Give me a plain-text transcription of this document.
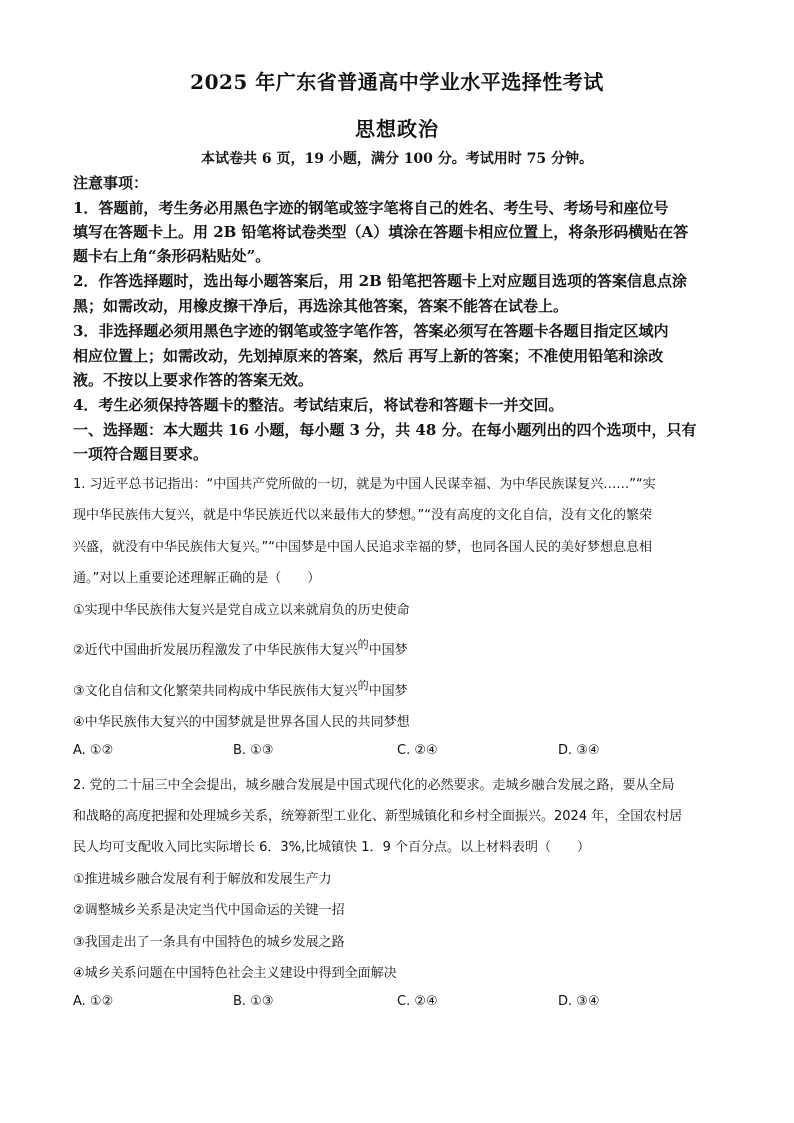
2025 年广东省普通高中学业水平选择性考试
思想政治
本试卷共 6 页，19 小题，满分 100 分。考试用时 75 分钟。
注意事项：
1．答题前，考生务必用黑色字迹的钢笔或签字笔将自己的姓名、考生号、考场号和座位号
填写在答题卡上。用 2B 铅笔将试卷类型（A）填涂在答题卡相应位置上，将条形码横贴在答
题卡右上角“条形码粘贴处”。
2．作答选择题时，选出每小题答案后，用 2B 铅笔把答题卡上对应题目选项的答案信息点涂
黑；如需改动，用橡皮擦干净后，再选涂其他答案，答案不能答在试卷上。
3．非选择题必须用黑色字迹的钢笔或签字笔作答，答案必须写在答题卡各题目指定区域内
相应位置上；如需改动，先划掉原来的答案，然后 再写上新的答案；不准使用铅笔和涂改
液。不按以上要求作答的答案无效。
4．考生必须保持答题卡的整洁。考试结束后，将试卷和答题卡一并交回。
一、选择题：本大题共 16 小题，每小题 3 分，共 48 分。在每小题列出的四个选项中，只有
一项符合题目要求。
1. 习近平总书记指出：“中国共产党所做的一切，就是为中国人民谋幸福、为中华民族谋复兴……”“实
现中华民族伟大复兴，就是中华民族近代以来最伟大的梦想。”“没有高度的文化自信，没有文化的繁荣
兴盛，就没有中华民族伟大复兴。”“中国梦是中国人民追求幸福的梦，也同各国人民的美好梦想息息相
通。”对以上重要论述理解正确的是（　　）
①实现中华民族伟大复兴是党自成立以来就肩负的历史使命
②近代中国曲折发展历程激发了中华民族伟大复兴$^的$中国梦
③文化自信和文化繁荣共同构成中华民族伟大复兴$^的$中国梦
④中华民族伟大复兴的中国梦就是世界各国人民的共同梦想
A. ①②	B. ①③	C. ②④	D. ③④
2. 党的二十届三中全会提出，城乡融合发展是中国式现代化的必然要求。走城乡融合发展之路，要从全局
和战略的高度把握和处理城乡关系，统筹新型工业化、新型城镇化和乡村全面振兴。2024 年，全国农村居
民人均可支配收入同比实际增长 6．3%,比城镇快 1．9 个百分点。以上材料表明（　　）
①推进城乡融合发展有利于解放和发展生产力
②调整城乡关系是决定当代中国命运的关键一招
③我国走出了一条具有中国特色的城乡发展之路
④城乡关系问题在中国特色社会主义建设中得到全面解决
A. ①②	B. ①③	C. ②④	D. ③④
